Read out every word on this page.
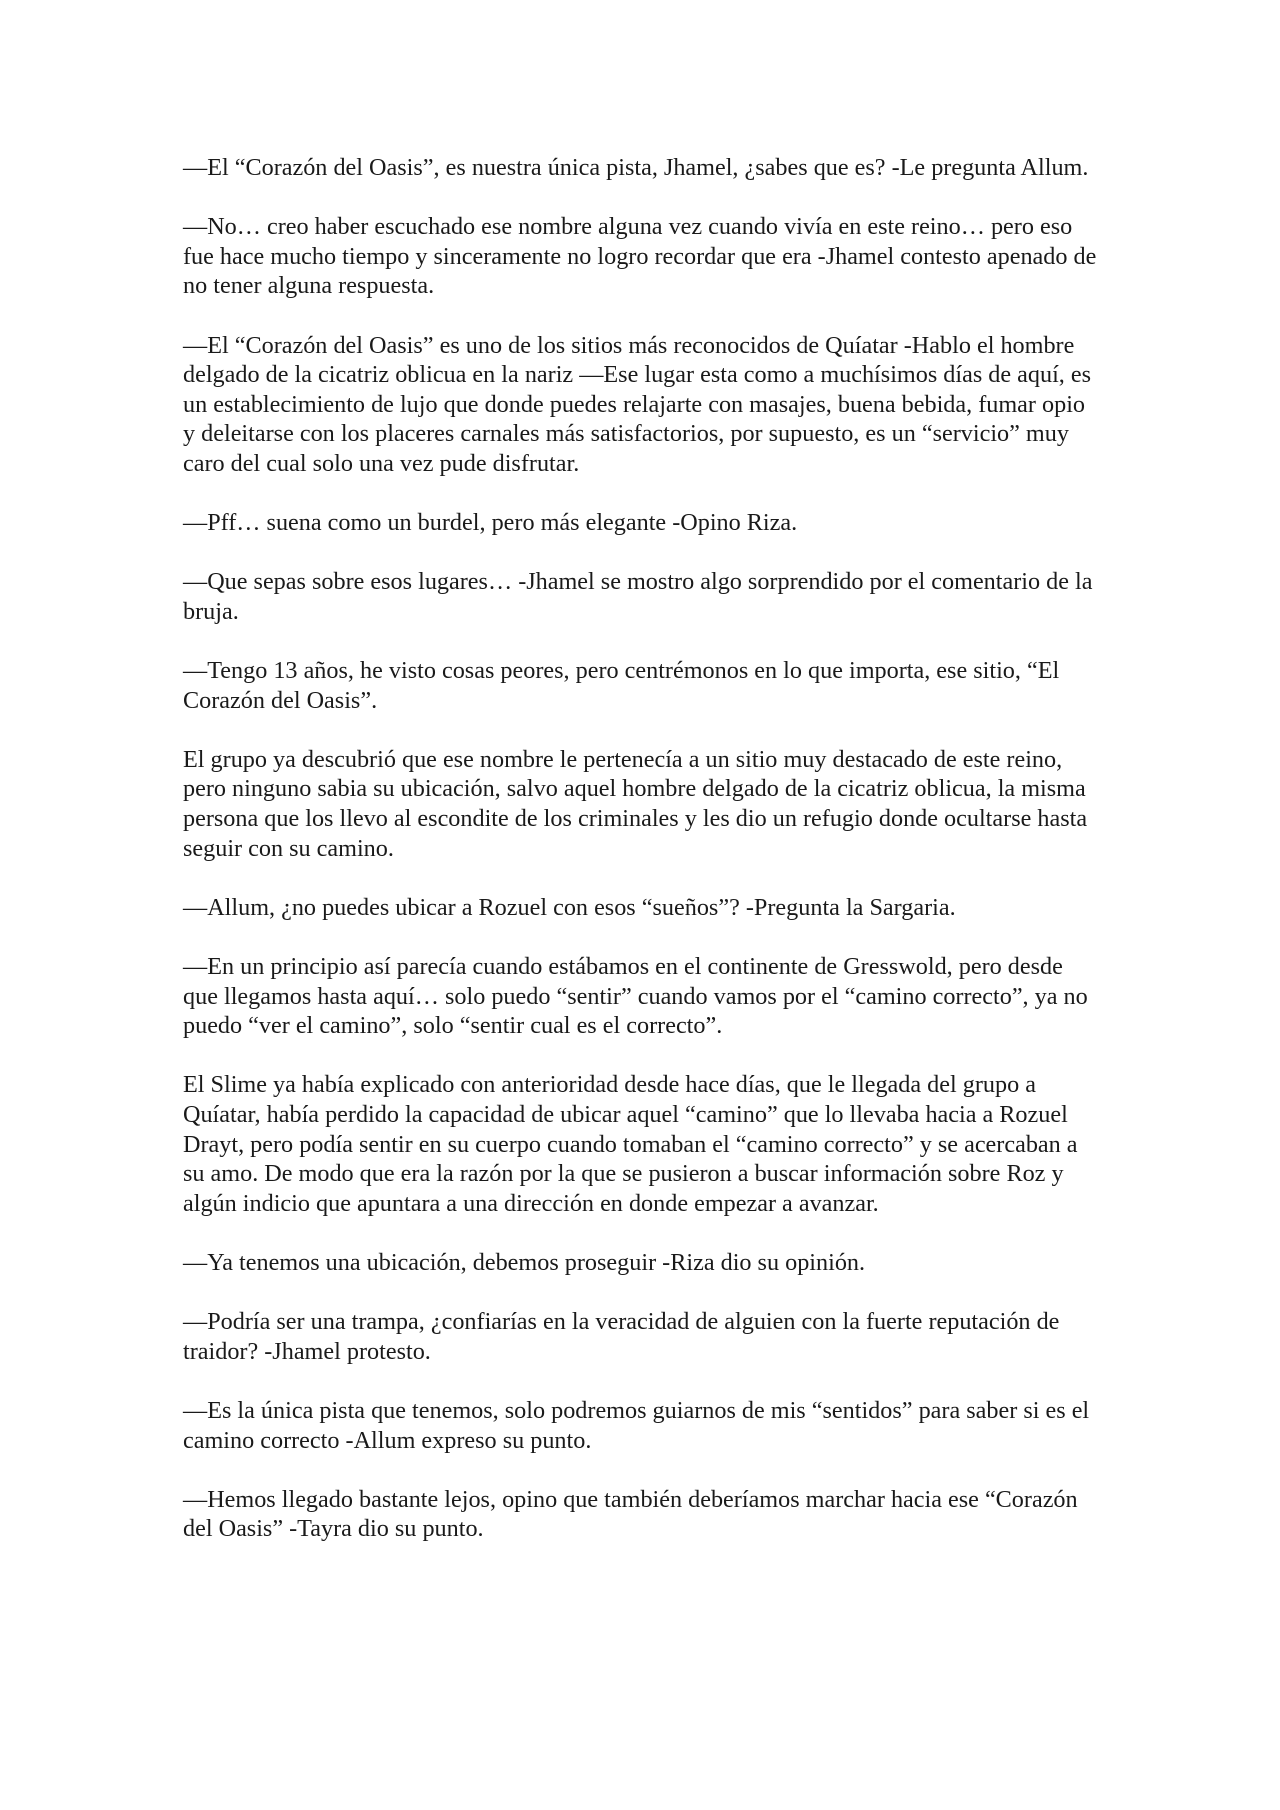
—El “Corazón del Oasis”, es nuestra única pista, Jhamel, ¿sabes que es? -Le pregunta Allum.

—No… creo haber escuchado ese nombre alguna vez cuando vivía en este reino… pero eso fue hace mucho tiempo y sinceramente no logro recordar que era -Jhamel contesto apenado de no tener alguna respuesta.

—El “Corazón del Oasis” es uno de los sitios más reconocidos de Quíatar -Hablo el hombre delgado de la cicatriz oblicua en la nariz —Ese lugar esta como a muchísimos días de aquí, es un establecimiento de lujo que donde puedes relajarte con masajes, buena bebida, fumar opio y deleitarse con los placeres carnales más satisfactorios, por supuesto, es un “servicio” muy caro del cual solo una vez pude disfrutar.

—Pff… suena como un burdel, pero más elegante -Opino Riza.

—Que sepas sobre esos lugares… -Jhamel se mostro algo sorprendido por el comentario de la bruja.

—Tengo 13 años, he visto cosas peores, pero centrémonos en lo que importa, ese sitio, “El Corazón del Oasis”.

El grupo ya descubrió que ese nombre le pertenecía a un sitio muy destacado de este reino, pero ninguno sabia su ubicación, salvo aquel hombre delgado de la cicatriz oblicua, la misma persona que los llevo al escondite de los criminales y les dio un refugio donde ocultarse hasta seguir con su camino.

—Allum, ¿no puedes ubicar a Rozuel con esos “sueños”? -Pregunta la Sargaria.

—En un principio así parecía cuando estábamos en el continente de Gresswold, pero desde que llegamos hasta aquí… solo puedo “sentir” cuando vamos por el “camino correcto”, ya no puedo “ver el camino”, solo “sentir cual es el correcto”.

El Slime ya había explicado con anterioridad desde hace días, que le llegada del grupo a Quíatar, había perdido la capacidad de ubicar aquel “camino” que lo llevaba hacia a Rozuel Drayt, pero podía sentir en su cuerpo cuando tomaban el “camino correcto” y se acercaban a su amo. De modo que era la razón por la que se pusieron a buscar información sobre Roz y algún indicio que apuntara a una dirección en donde empezar a avanzar.

—Ya tenemos una ubicación, debemos proseguir -Riza dio su opinión.

—Podría ser una trampa, ¿confiarías en la veracidad de alguien con la fuerte reputación de traidor? -Jhamel protesto.

—Es la única pista que tenemos, solo podremos guiarnos de mis “sentidos” para saber si es el camino correcto -Allum expreso su punto.

—Hemos llegado bastante lejos, opino que también deberíamos marchar hacia ese “Corazón del Oasis” -Tayra dio su punto.
